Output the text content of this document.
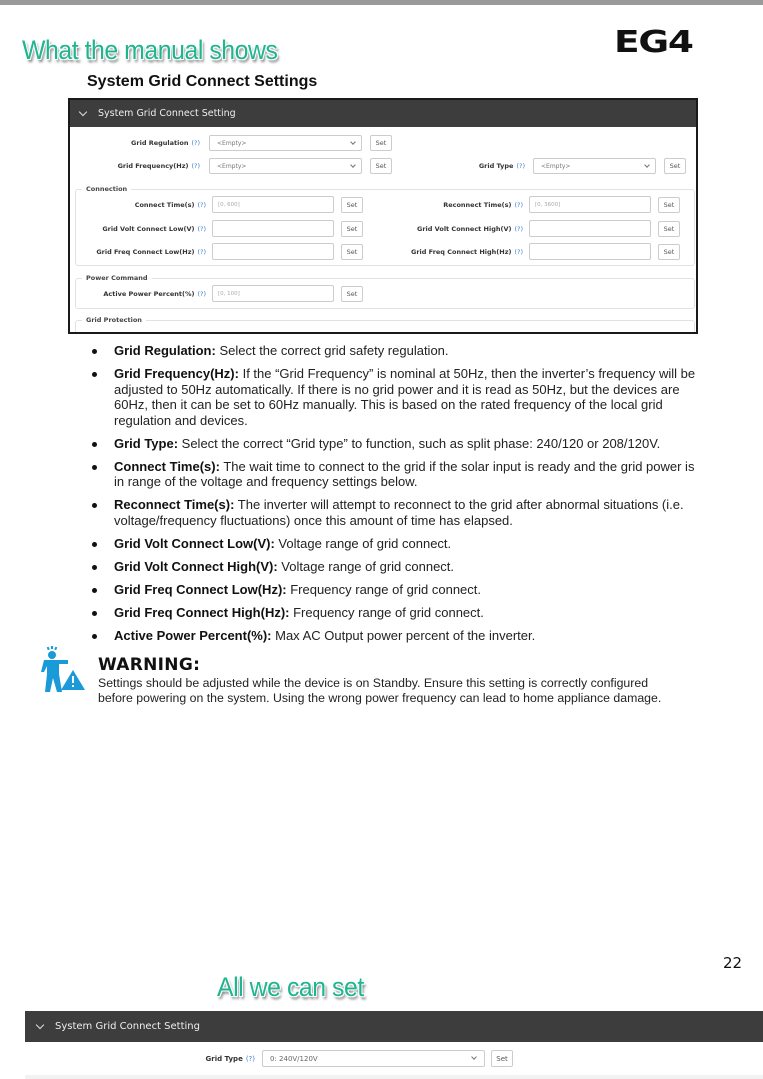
What the manual shows	EG4
System Grid Connect Settings
System Grid Connect Setting
Grid Regulation (?)	<Empty>	Set
Grid Frequency(Hz) (?)	<Empty>	Set	Grid Type (?)	<Empty>	Set
Connection
Connect Time(s) (?)	[0, 600]	Set	Reconnect Time(s) (?)	[0, 3600]	Set
Grid Volt Connect Low(V) (?)	Set	Grid Volt Connect High(V) (?)	Set
Grid Freq Connect Low(Hz) (?)	Set	Grid Freq Connect High(Hz) (?)	Set
Power Command
Active Power Percent(%) (?)	[0, 100]	Set
Grid Protection
Grid Regulation: Select the correct grid safety regulation.
Grid Frequency(Hz): If the “Grid Frequency” is nominal at 50Hz, then the inverter’s frequency will be adjusted to 50Hz automatically. If there is no grid power and it is read as 50Hz, but the devices are 60Hz, then it can be set to 60Hz manually. This is based on the rated frequency of the local grid regulation and devices.
Grid Type: Select the correct “Grid type” to function, such as split phase: 240/120 or 208/120V.
Connect Time(s): The wait time to connect to the grid if the solar input is ready and the grid power is in range of the voltage and frequency settings below.
Reconnect Time(s): The inverter will attempt to reconnect to the grid after abnormal situations (i.e. voltage/frequency fluctuations) once this amount of time has elapsed.
Grid Volt Connect Low(V): Voltage range of grid connect.
Grid Volt Connect High(V): Voltage range of grid connect.
Grid Freq Connect Low(Hz): Frequency range of grid connect.
Grid Freq Connect High(Hz): Frequency range of grid connect.
Active Power Percent(%): Max AC Output power percent of the inverter.
WARNING:
Settings should be adjusted while the device is on Standby. Ensure this setting is correctly configured before powering on the system. Using the wrong power frequency can lead to home appliance damage.
22
All we can set
System Grid Connect Setting
Grid Type (?) 0: 240V/120V	Set
